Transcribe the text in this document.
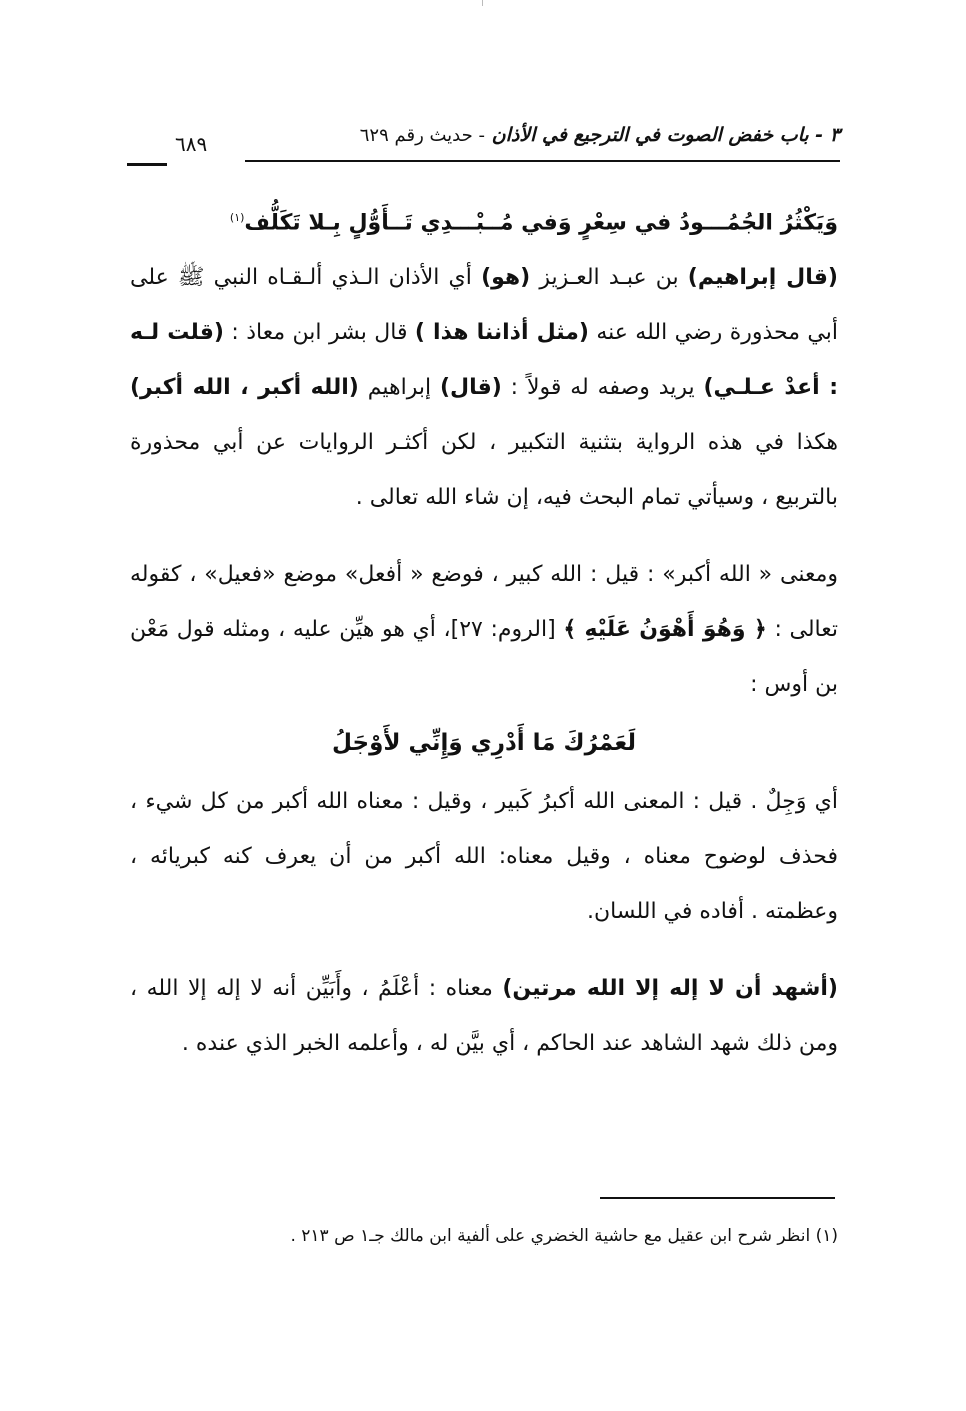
٣ - باب خفض الصوت في الترجيع في الأذان - حديث رقم ٦٢٩
٦٨٩

وَيَكْثُرُ الجُمُـــودُ في سِعْرٍ وَفي مُــبْـــدِي تَــأَوُّلٍ بِـلا تَكَلُّف$^{(١)}$

(قال إبراهيم) بن عبـد العـزيز (هو) أي الأذان الـذي ألـقـاه النبي ﷺ على أبي محذورة رضي الله عنه (مثل أذاننا هذا ) قال بشر ابن معاذ : (قلت لـه : أعدْ عـلـي) يريد وصفه له قولاً : (قال) إبراهيم (الله أكبر ، الله أكبر) هكذا في هذه الرواية بتثنية التكبير ، لكن أكثـر الروايات عن أبي محذورة بالتربيع ، وسيأتي تمام البحث فيه، إن شاء الله تعالى .

ومعنى « الله أكبر» : قيل : الله كبير ، فوضع « أفعل» موضع «فعيل» ، كقوله تعالى : ﴿ وَهُوَ أَهْوَنُ عَلَيْهِ ﴾ [الروم: ٢٧]، أي هو هيِّن عليه ، ومثله قول مَعْن بن أوس :

لَعَمْرُكَ مَا أَدْرِي وَإِنِّي لأَوْجَلُ

أي وَجِلٌ . قيل : المعنى الله أكبرُ كَبير ، وقيل : معناه الله أكبر من كل شيء ، فحذف لوضوح معناه ، وقيل معناه: الله أكبر من أن يعرف كنه كبريائه ، وعظمته . أفاده في اللسان.

(أشهد أن لا إله إلا الله مرتين) معناه : أعْلَمُ ، وأَبَيِّن أنه لا إله إلا الله ، ومن ذلك شهد الشاهد عند الحاكم ، أي بيَّن له ، وأعلمه الخبر الذي عنده .

(١) انظر شرح ابن عقيل مع حاشية الخضري على ألفية ابن مالك جـ١ ص ٢١٣ .
